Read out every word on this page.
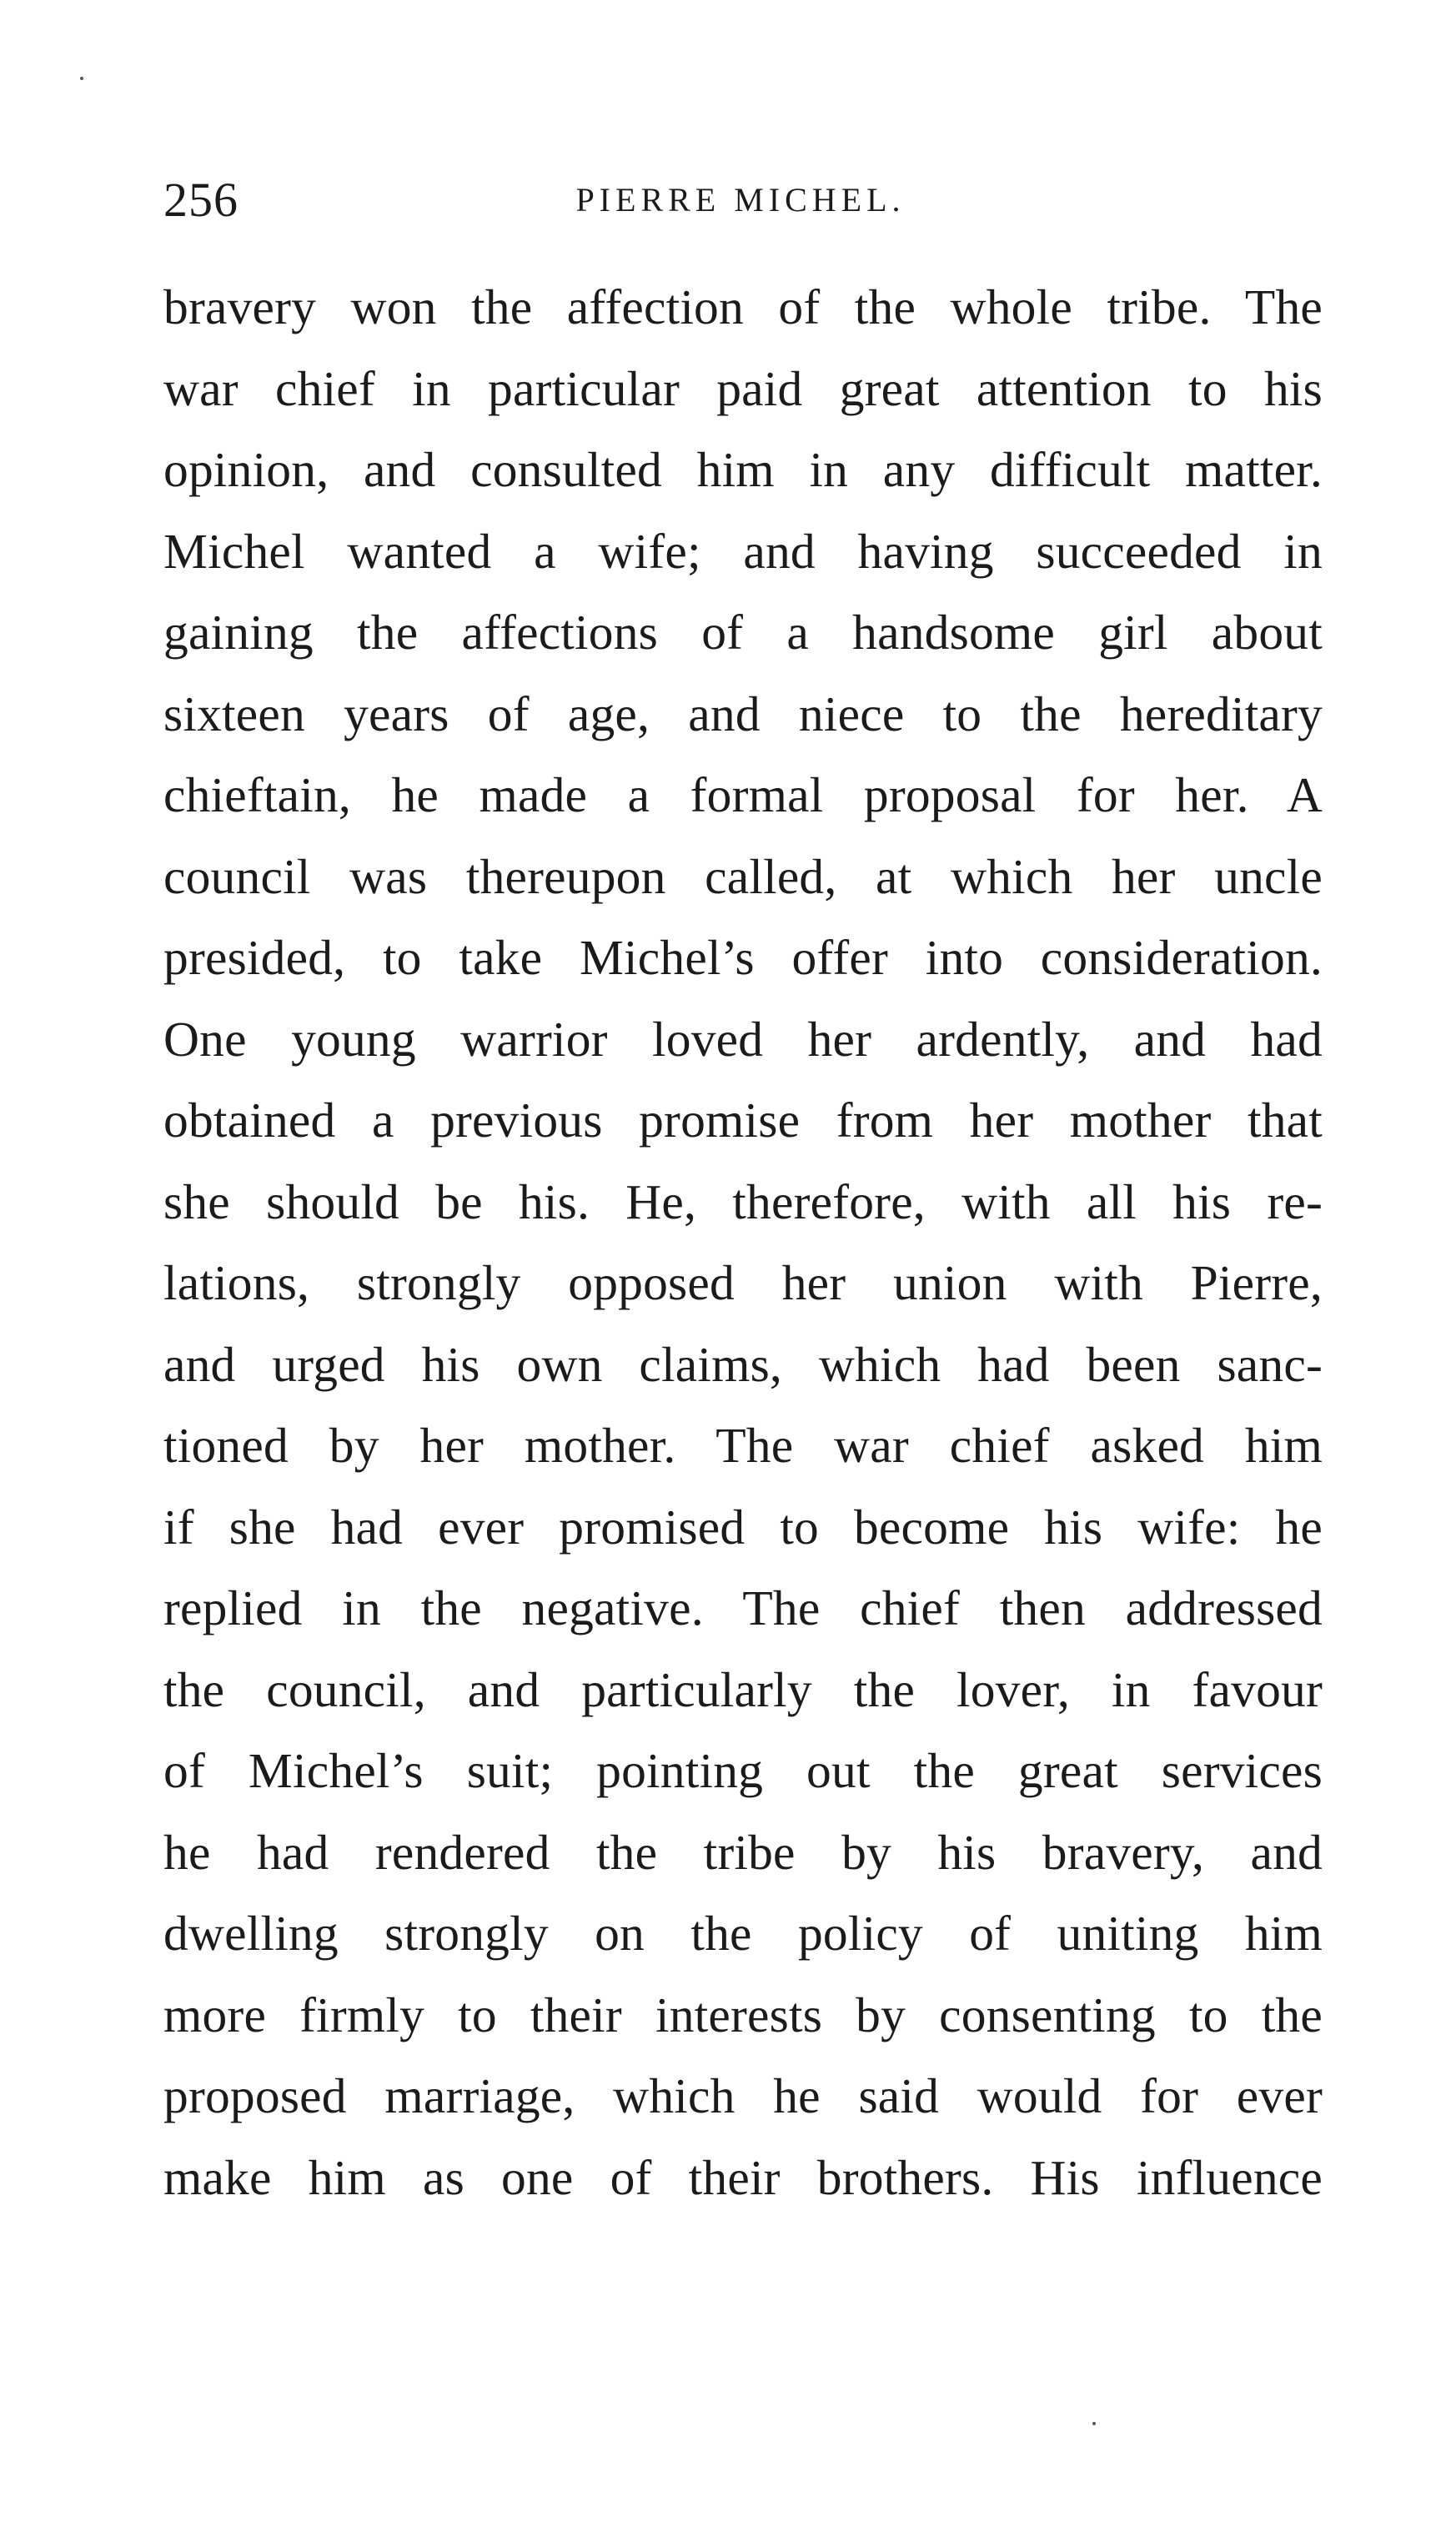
256	PIERRE MICHEL.
bravery won the affection of the whole tribe. The
war chief in particular paid great attention to his
opinion, and consulted him in any difficult matter.
Michel wanted a wife; and having succeeded in
gaining the affections of a handsome girl about
sixteen years of age, and niece to the hereditary
chieftain, he made a formal proposal for her. A
council was thereupon called, at which her uncle
presided, to take Michel’s offer into consideration.
One young warrior loved her ardently, and had
obtained a previous promise from her mother that
she should be his. He, therefore, with all his re-
lations, strongly opposed her union with Pierre,
and urged his own claims, which had been sanc-
tioned by her mother. The war chief asked him
if she had ever promised to become his wife: he
replied in the negative. The chief then addressed
the council, and particularly the lover, in favour
of Michel’s suit; pointing out the great services
he had rendered the tribe by his bravery, and
dwelling strongly on the policy of uniting him
more firmly to their interests by consenting to the
proposed marriage, which he said would for ever
make him as one of their brothers. His influence
